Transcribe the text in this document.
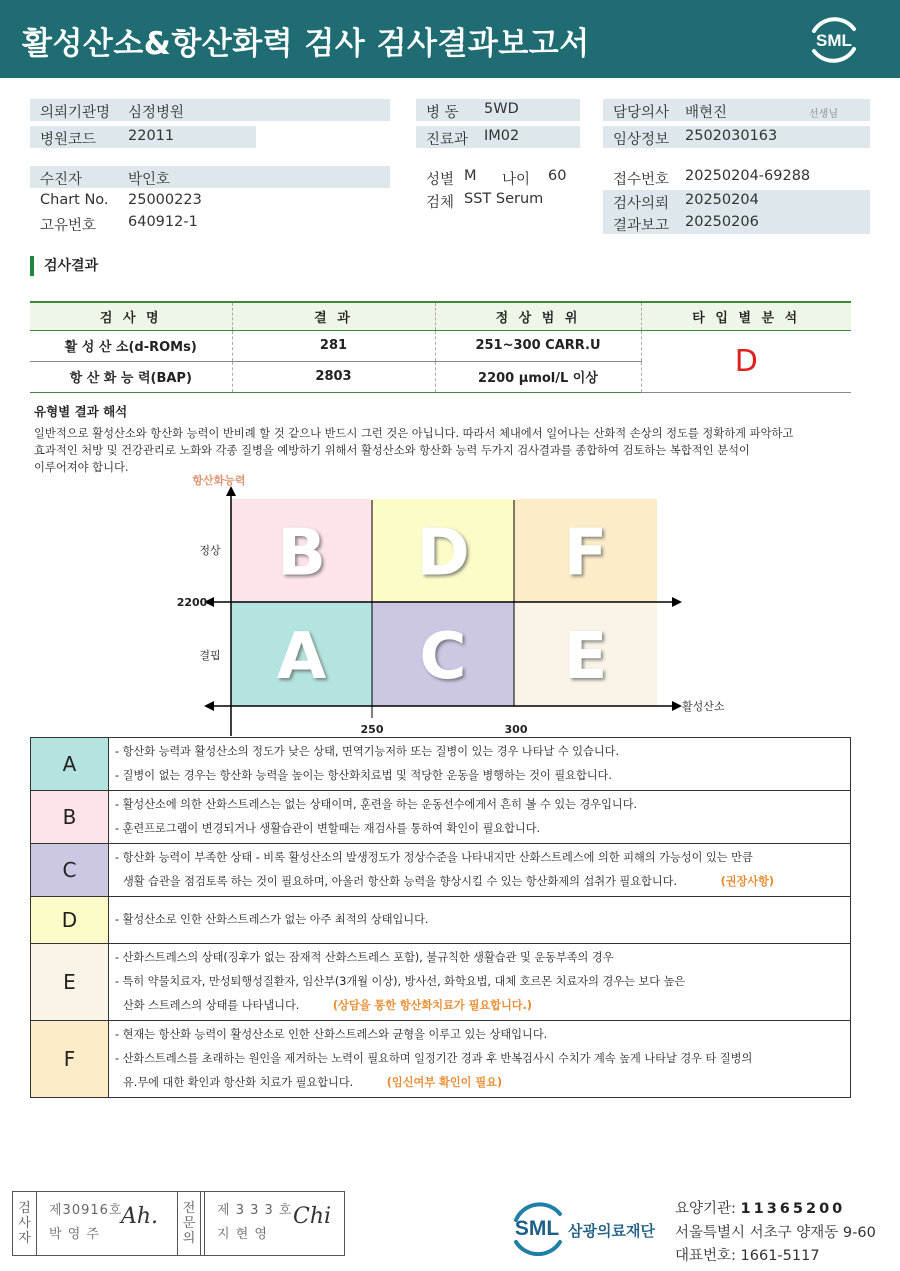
활성산소&항산화력 검사 검사결과보고서	SML
의뢰기관명 심정병원
병원코드 22011
병 동 5WD
진료과 IM02
담당의사 배현진	선생님
임상정보 2502030163
수진자	박인호
Chart No. 25000223
고유번호 640912-1
성별 M 나이 60
검체 SST Serum
접수번호 20250204-69288
검사의뢰 20250204
결과보고 20250206
검사결과
검 사 명	결 과	정 상 범 위	타 입 별 분 석
활 성 산 소(d-ROMs)	281	251~300 CARR.U	D
항 산 화 능 력(BAP)	2803	2200 μmol/L 이상	
유형별 결과 해석
일반적으로 활성산소와 항산화 능력이 반비례 할 것 같으나 반드시 그런 것은 아닙니다. 따라서 체내에서 일어나는 산화적 손상의 정도를 정확하게 파악하고
효과적인 처방 및 건강관리로 노화와 각종 질병을 예방하기 위해서 활성산소와 항산화 능력 두가지 검사결과를 종합하여 검토하는 복합적인 분석이
이루어져야 합니다.
B D F
A C E
항산화능력
활성산소
정상
결핍
2200
250	300
A	- 항산화 능력과 활성산소의 정도가 낮은 상태, 면역기능저하 또는 질병이 있는 경우 나타날 수 있습니다.
- 질병이 없는 경우는 항산화 능력을 높이는 항산화치료법 및 적당한 운동을 병행하는 것이 필요합니다.

B	- 활성산소에 의한 산화스트레스는 없는 상태이며, 훈련을 하는 운동선수에게서 흔히 볼 수 있는 경우입니다.
- 훈련프로그램이 변경되거나 생활습관이 변할때는 재검사를 통하여 확인이 필요합니다.

C	- 항산화 능력이 부족한 상태 - 비록 활성산소의 발생정도가 정상수준을 나타내지만 산화스트레스에 의한 피해의 가능성이 있는 만큼
생활 습관을 점검토록 하는 것이 필요하며, 아울러 항산화 능력을 향상시킬 수 있는 항산화제의 섭취가 필요합니다. (권장사항)

D	- 활성산소로 인한 산화스트레스가 없는 아주 최적의 상태입니다.

E	- 산화스트레스의 상태(징후가 없는 잠재적 산화스트레스 포함), 불규칙한 생활습관 및 운동부족의 경우
- 특히 약물치료자, 만성퇴행성질환자, 임산부(3개월 이상), 방사선, 화학요법, 대체 호르몬 치료자의 경우는 보다 높은
산화 스트레스의 상태를 나타냅니다. (상담을 통한 항산화치료가 필요합니다.)

F	- 현재는 항산화 능력이 활성산소로 인한 산화스트레스와 균형을 이루고 있는 상태입니다.
- 산화스트레스를 초래하는 원인을 제거하는 노력이 필요하며 일정기간 경과 후 반복검사시 수치가 계속 높게 나타날 경우 타 질병의
유.무에 대한 확인과 항산화 치료가 필요합니다. (임신여부 확인이 필요)
검
사
자
제30916호
박 영 주
Ah. 전
문
의
제 3 3 3 호
지 현 영
Chi	SML 삼광의료재단
요양기관: 11365200
서울특별시 서초구 양재동 9-60
대표번호: 1661-5117
